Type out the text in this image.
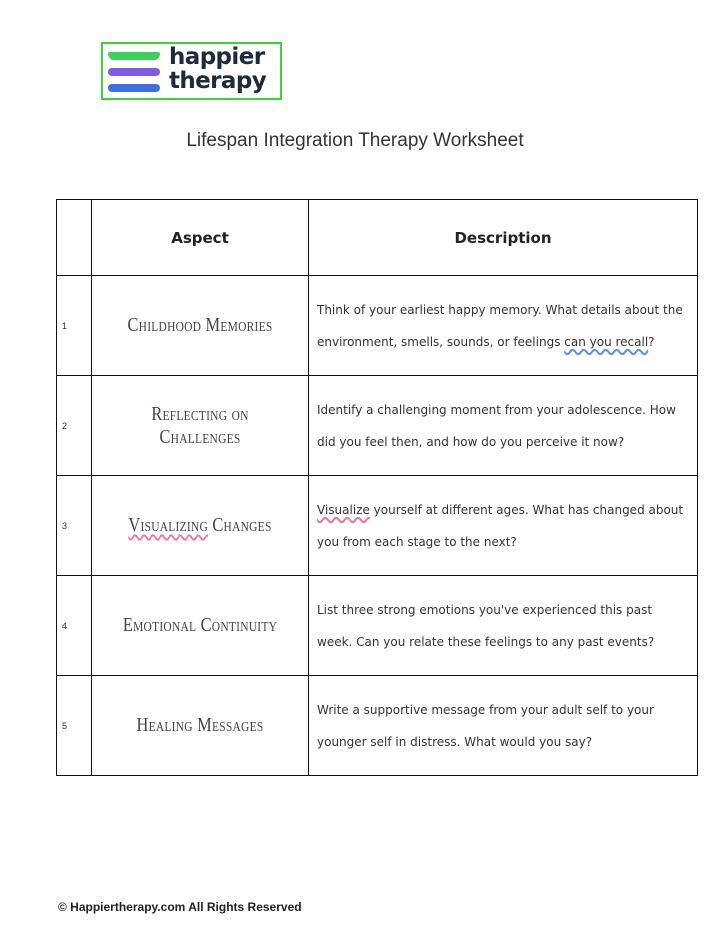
happier
therapy
Lifespan Integration Therapy Worksheet
	Aspect	Description
1	Childhood Memories	Think of your earliest happy memory. What details about the environment, smells, sounds, or feelings can you recall?
2	Reflecting on Challenges	Identify a challenging moment from your adolescence. How did you feel then, and how do you perceive it now?
3	Visualizing Changes	Visualize yourself at different ages. What has changed about you from each stage to the next?
4	Emotional Continuity	List three strong emotions you've experienced this past week. Can you relate these feelings to any past events?
5	Healing Messages	Write a supportive message from your adult self to your younger self in distress. What would you say?
© Happiertherapy.com All Rights Reserved
